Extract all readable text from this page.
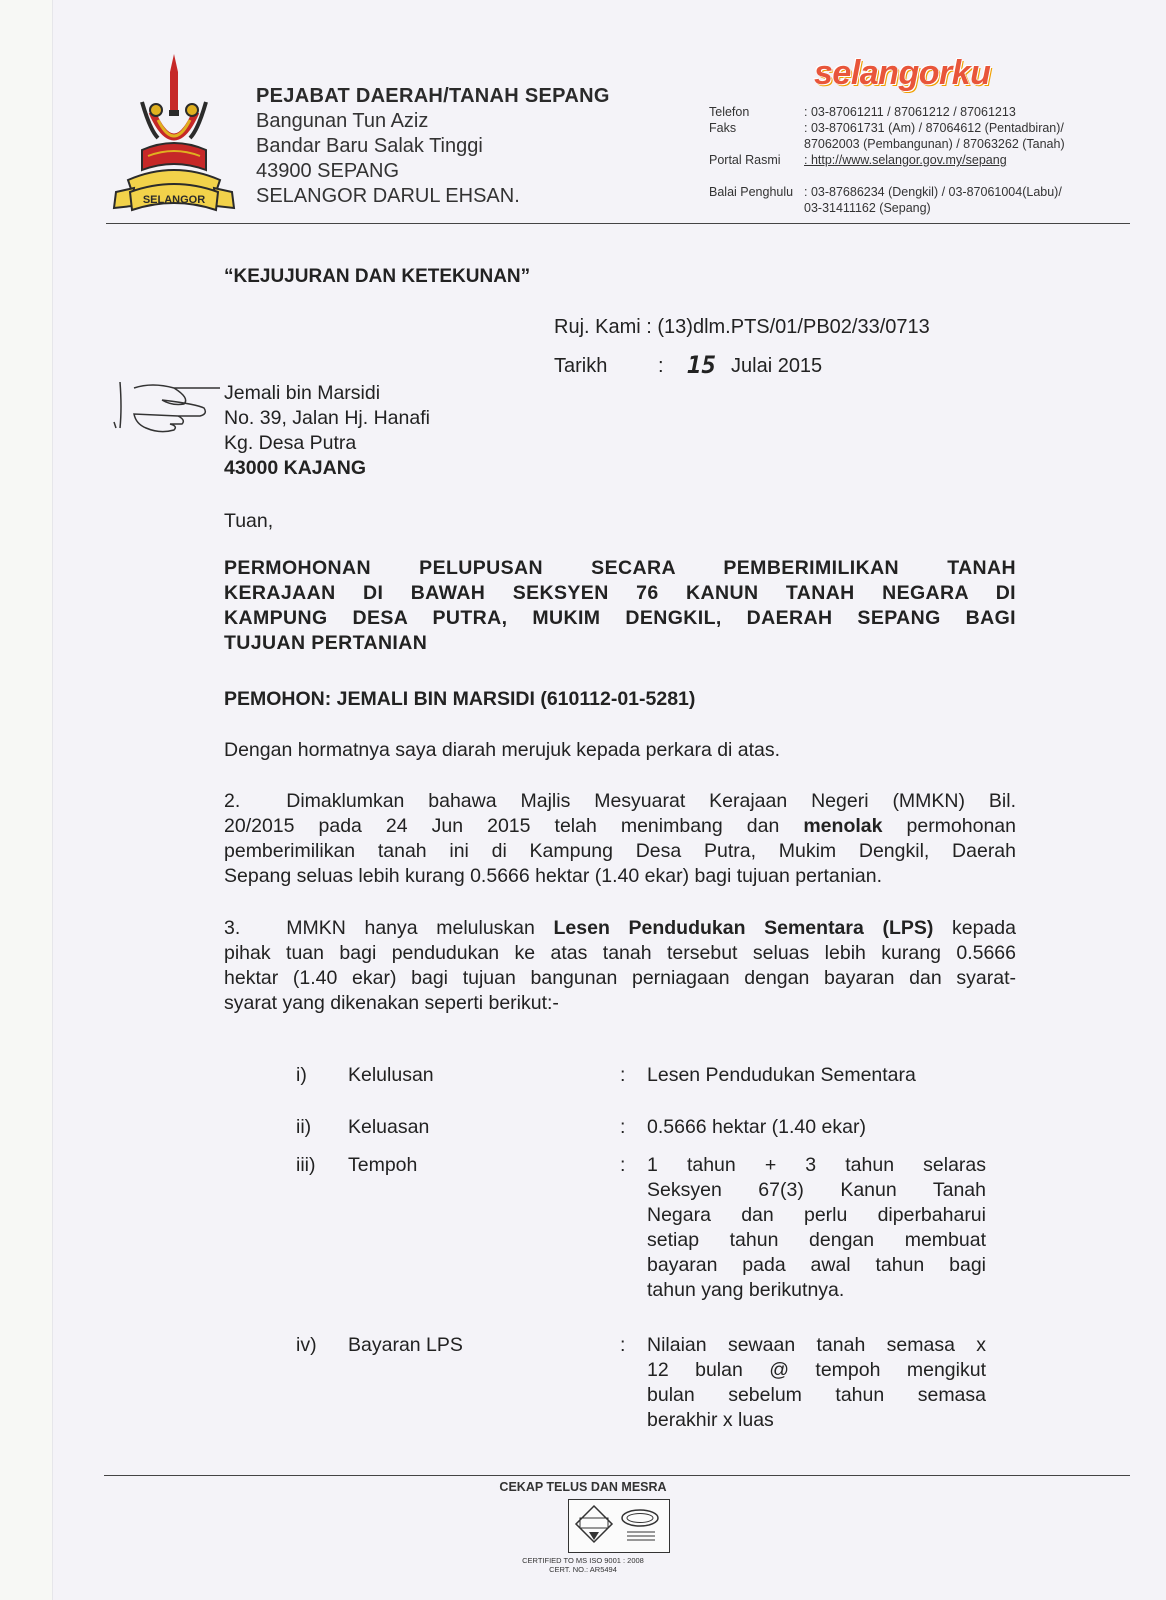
SELANGOR
PEJABAT DAERAH/TANAH SEPANG
Bangunan Tun Aziz
Bandar Baru Salak Tinggi
43900 SEPANG
SELANGOR DARUL EHSAN.
selangorku
Telefon	: 03-87061211 / 87061212 / 87061213
Faks	: 03-87061731 (Am) / 87064612 (Pentadbiran)/
87062003 (Pembangunan) / 87063262 (Tanah)
Portal Rasmi	: http://www.selangor.gov.my/sepang
Balai Penghulu : 03-87686234 (Dengkil) / 03-87061004(Labu)/
03-31411162 (Sepang)
“KEJUJURAN DAN KETEKUNAN”
Ruj. Kami : (13)dlm.PTS/01/PB02/33/0713
Tarikh	: 15 Julai 2015
Jemali bin Marsidi
No. 39, Jalan Hj. Hanafi
Kg. Desa Putra
43000 KAJANG
Tuan,
PERMOHONAN PELUPUSAN SECARA PEMBERIMILIKAN TANAH
KERAJAAN DI BAWAH SEKSYEN 76 KANUN TANAH NEGARA DI
KAMPUNG DESA PUTRA, MUKIM DENGKIL, DAERAH SEPANG BAGI
TUJUAN PERTANIAN
PEMOHON: JEMALI BIN MARSIDI (610112-01-5281)
Dengan hormatnya saya diarah merujuk kepada perkara di atas.
2. Dimaklumkan bahawa Majlis Mesyuarat Kerajaan Negeri (MMKN) Bil.
20/2015 pada 24 Jun 2015 telah menimbang dan menolak permohonan
pemberimilikan tanah ini di Kampung Desa Putra, Mukim Dengkil, Daerah
Sepang seluas lebih kurang 0.5666 hektar (1.40 ekar) bagi tujuan pertanian.
3. MMKN hanya meluluskan Lesen Pendudukan Sementara (LPS) kepada
pihak tuan bagi pendudukan ke atas tanah tersebut seluas lebih kurang 0.5666
hektar (1.40 ekar) bagi tujuan bangunan perniagaan dengan bayaran dan syarat-
syarat yang dikenakan seperti berikut:-
i) Kelulusan	: Lesen Pendudukan Sementara
ii) Keluasan	: 0.5666 hektar (1.40 ekar)
iii) Tempoh	: 1 tahun + 3 tahun selaras
Seksyen 67(3) Kanun Tanah
Negara dan perlu diperbaharui
setiap tahun dengan membuat
bayaran pada awal tahun bagi
tahun yang berikutnya.
iv) Bayaran LPS	: Nilaian sewaan tanah semasa x
12 bulan @ tempoh mengikut
bulan sebelum tahun semasa
berakhir x luas
CEKAP TELUS DAN MESRA
CERTIFIED TO MS ISO 9001 : 2008
CERT. NO.: AR5494
